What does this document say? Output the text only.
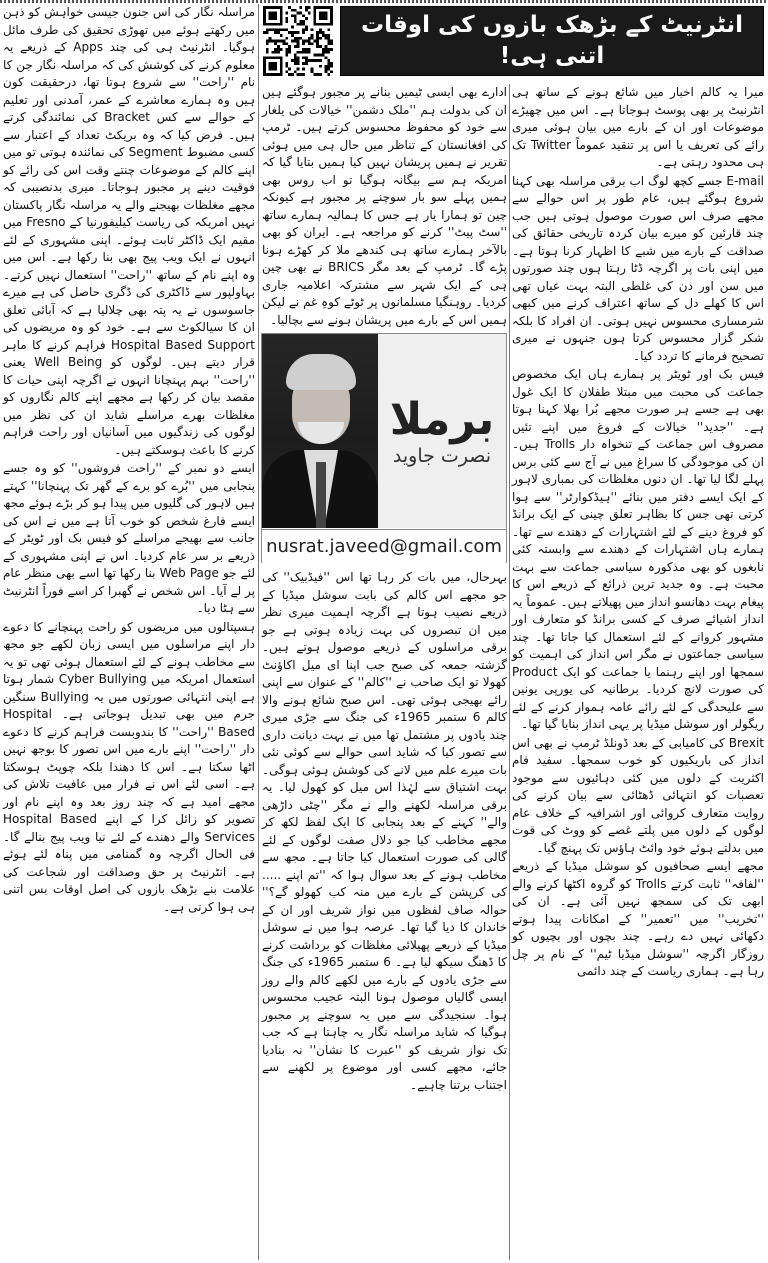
انٹرنیٹ کے بڑھک بازوں کی اوقات اتنی ہی!

میرا یہ کالم اخبار میں شائع ہونے کے ساتھ ہی انٹرنیٹ پر بھی پوسٹ ہوجاتا ہے۔ اس میں چھیڑے موضوعات اور ان کے بارے میں بیان ہوئی میری رائے کی تعریف یا اس پر تنقید عموماً Twitter تک ہی محدود رہتی ہے۔

E-mail جسے کچھ لوگ اب برقی مراسلہ بھی کہنا شروع ہوگئے ہیں، عام طور پر اس حوالے سے مجھے صرف اس صورت موصول ہوتی ہیں جب چند قارئین کو میرے بیان کردہ تاریخی حقائق کی صداقت کے بارے میں شبے کا اظہار کرنا ہوتا ہے۔ میں اپنی بات پر اگرچہ ڈٹا رہتا ہوں چند صورتوں میں سن اور دن کی غلطی البتہ بہت عیاں تھی اس کا کھلے دل کے ساتھ اعتراف کرنے میں کبھی شرمساری محسوس نہیں ہوتی۔ ان افراد کا بلکہ شکر گزار محسوس کرتا ہوں جنہوں نے میری تصحیح فرمانے کا تردد کیا۔

فیس بک اور ٹویٹر پر ہمارے ہاں ایک مخصوص جماعت کی محبت میں مبتلا طفلان کا ایک غول بھی ہے جسے ہر صورت مجھے بُرا بھلا کہنا ہوتا ہے۔ ''جدید'' خیالات کے فروغ میں اپنے تئیں مصروف اس جماعت کے تنخواہ دار Trolls ہیں۔ ان کی موجودگی کا سراغ میں نے آج سے کئی برس پہلے لگا لیا تھا۔ ان دنوں مغلظات کی بمباری لاہور کے ایک ایسے دفتر میں بنائے ''ہیڈکوارٹر'' سے ہوا کرتی تھی جس کا بظاہر تعلق چینی کے ایک برانڈ کو فروغ دینے کے لئے اشتہارات کے دھندے سے تھا۔ ہمارے ہاں اشتہارات کے دھندے سے وابستہ کئی نابغوں کو بھی مذکورہ سیاسی جماعت سے بہت محبت ہے۔ وہ جدید ترین ذرائع کے ذریعے اس کا پیغام بہت دھانسو انداز میں پھیلاتے ہیں۔ عموماً یہ انداز اشیائے صرف کے کسی برانڈ کو متعارف اور مشہور کروانے کے لئے استعمال کیا جاتا تھا۔ چند سیاسی جماعتوں نے مگر اس انداز کی اہمیت کو سمجھا اور اپنے رہنما یا جماعت کو ایک Product کی صورت لانچ کردیا۔ برطانیہ کی یورپی یونین سے علیحدگی کے لئے رائے عامہ ہموار کرنے کے لئے ریگولر اور سوشل میڈیا پر یہی انداز بنایا گیا تھا۔

Brexit کی کامیابی کے بعد ڈونلڈ ٹرمپ نے بھی اس انداز کی باریکیوں کو خوب سمجھا۔ سفید فام اکثریت کے دلوں میں کئی دہائیوں سے موجود تعصبات کو انتہائی ڈھٹائی سے بیان کرنے کی روایت متعارف کروائی اور اشرافیہ کے خلاف عام لوگوں کے دلوں میں پلتے غصے کو ووٹ کی قوت میں بدلتے ہوئے خود وائٹ ہاؤس تک پہنچ گیا۔

مجھے ایسے صحافیوں کو سوشل میڈیا کے ذریعے ''لفافہ'' ثابت کرتے Trolls کو گروہ اکٹھا کرنے والے ابھی تک کی سمجھ نہیں آئی ہے۔ ان کی ''تخریب'' میں ''تعمیر'' کے امکانات پیدا ہوتے دکھائی نہیں دے رہے۔ چند بچوں اور بچیوں کو روزگار اگرچہ ''سوشل میڈیا ٹیم'' کے نام پر چل رہا ہے۔ ہماری ریاست کے چند دائمی

ادارے بھی ایسی ٹیمیں بنانے پر مجبور ہوگئے ہیں ان کی بدولت ہم ''ملک دشمن'' خیالات کی یلغار سے خود کو محفوظ محسوس کرتے ہیں۔ ٹرمپ کی افغانستان کے تناظر میں حال ہی میں ہوئی تقریر نے ہمیں پریشان نہیں کیا ہمیں بتایا گیا کہ امریکہ ہم سے بیگانہ ہوگیا تو اب روس بھی ہمیں پہلے سو بار سوچنے پر مجبور ہے کیونکہ چین تو ہمارا یار ہے جس کا ہمالیہ ہمارے ساتھ ''سٹ پیٹ'' کرنے کو مراجعہ ہے۔ ایران کو بھی بالآخر ہمارے ساتھ ہی کندھے ملا کر کھڑے ہونا پڑے گا۔ ٹرمپ کے بعد مگر BRICS نے بھی چین ہی کے ایک شہر سے مشترکہ اعلامیہ جاری کردیا۔ روہنگیا مسلمانوں پر ٹوٹے کوہِ غم نے لیکن ہمیں اس کے بارے میں پریشان ہونے سے بچالیا۔

برملا
نصرت جاوید
nusrat.javeed@gmail.com

بہرحال، میں بات کر رہا تھا اس ''فیڈبیک'' کی جو مجھے اس کالم کی بابت سوشل میڈیا کے ذریعے نصیب ہوتا ہے اگرچہ اہمیت میری نظر میں ان تبصروں کی بہت زیادہ ہوتی ہے جو برقی مراسلوں کے ذریعے موصول ہوتے ہیں۔ گزشتہ جمعہ کی صبح جب اپنا ای میل اکاؤنٹ کھولا تو ایک صاحب نے ''کالم'' کے عنوان سے اپنی رائے بھیجی ہوئی تھی۔ اس صبح شائع ہونے والا کالم 6 ستمبر 1965ء کی جنگ سے جڑی میری چند یادوں پر مشتمل تھا میں نے بہت دیانت داری سے تصور کیا کہ شاید اسی حوالے سے کوئی نئی بات میرے علم میں لانے کی کوشش ہوئی ہوگی۔ بہت اشتیاق سے لہٰذا اس میل کو کھول لیا۔ یہ برقی مراسلہ لکھنے والے نے مگر ''چٹی داڑھی والے'' کہنے کے بعد پنجابی کا ایک لفظ لکھ کر مجھے مخاطب کیا جو دلال صفت لوگوں کے لئے گالی کی صورت استعمال کیا جاتا ہے۔ مجھ سے مخاطب ہونے کے بعد سوال ہوا کہ ''تم اپنے ..... کی کرپشن کے بارے میں منہ کب کھولو گے؟'' حوالہ صاف لفظوں میں نواز شریف اور ان کے خاندان کا دیا گیا تھا۔ عرصہ ہوا میں نے سوشل میڈیا کے ذریعے پھیلائی مغلظات کو برداشت کرنے کا ڈھنگ سیکھ لیا ہے۔ 6 ستمبر 1965ء کی جنگ سے جڑی یادوں کے بارے میں لکھے کالم والے روز ایسی گالیاں موصول ہونا البتہ عجیب محسوس ہوا۔ سنجیدگی سے میں یہ سوچنے پر مجبور ہوگیا کہ شاید مراسلہ نگار یہ چاہتا ہے کہ جب تک نواز شریف کو ''عبرت کا نشان'' نہ بنادیا جائے، مجھے کسی اور موضوع پر لکھنے سے اجتناب برتنا چاہیے۔

مراسلہ نگار کی اس جنون جیسی خواہش کو ذہن میں رکھتے ہوئے میں تھوڑی تحقیق کی طرف مائل ہوگیا۔ انٹرنیٹ ہی کی چند Apps کے ذریعے یہ معلوم کرنے کی کوشش کی کہ مراسلہ نگار جن کا نام ''راحت'' سے شروع ہوتا تھا، درحقیقت کون ہیں وہ ہمارے معاشرے کے عمر، آمدنی اور تعلیم کے حوالے سے کس Bracket کی نمائندگی کرتے ہیں۔ فرض کیا کہ وہ بریکٹ تعداد کے اعتبار سے کسی مضبوط Segment کی نمائندہ ہوتی تو میں اپنے کالم کے موضوعات چنتے وقت اس کی رائے کو فوقیت دینے پر مجبور ہوجاتا۔ میری بدنصیبی کہ مجھے مغلظات بھیجنے والے یہ مراسلہ نگار پاکستان نہیں امریکہ کی ریاست کیلیفورنیا کے Fresno میں مقیم ایک ڈاکٹر ثابت ہوئے۔ اپنی مشہوری کے لئے انہوں نے ایک ویب پیج بھی بنا رکھا ہے۔ اس میں وہ اپنے نام کے ساتھ ''راحت'' استعمال نہیں کرتے۔ بہاولپور سے ڈاکٹری کی ڈگری حاصل کی ہے میرے جاسوسوں نے یہ پتہ بھی چلالیا ہے کہ آبائی تعلق ان کا سیالکوٹ سے ہے۔ خود کو وہ مریضوں کی Hospital Based Support فراہم کرنے کا ماہر قرار دیتے ہیں۔ لوگوں کو Well Being یعنی ''راحت'' بہم پہنچانا انہوں نے اگرچہ اپنی حیات کا مقصد بیان کر رکھا ہے مجھے اپنے کالم نگاروں کو مغلظات بھرے مراسلے شاید ان کی نظر میں لوگوں کی زندگیوں میں آسانیاں اور راحت فراہم کرنے کا باعث ہوسکتے ہیں۔

ایسے دو نمبر کے ''راحت فروشوں'' کو وہ جسے پنجابی میں ''بُرے کو برے کے گھر تک پہنچانا'' کہتے ہیں لاہور کی گلیوں میں پیدا ہو کر بڑے ہوئے مجھ ایسے فارغ شخص کو خوب آتا ہے میں نے اس کی جانب سے بھیجے مراسلے کو فیس بک اور ٹویٹر کے ذریعے بر سر عام کردیا۔ اس نے اپنی مشہوری کے لئے جو Web Page بنا رکھا تھا اسے بھی منظر عام پر لے آیا۔ اس شخص نے گھبرا کر اسے فوراً انٹرنیٹ سے ہٹا دیا۔

ہسپتالوں میں مریضوں کو راحت پہنچانے کا دعوے دار اپنے مراسلوں میں ایسی زبان لکھے جو مجھ سے مخاطب ہونے کے لئے استعمال ہوئی تھی تو یہ استعمال امریکہ میں Cyber Bullying شمار ہوتا ہے اپنی انتہائی صورتوں میں یہ Bullying سنگین جرم میں بھی تبدیل ہوجاتی ہے۔ Hospital Based ''راحت'' کا بندوبست فراہم کرنے کا دعوے دار ''راحت'' اپنے بارے میں اس تصور کا بوجھ نہیں اٹھا سکتا ہے۔ اس کا دھندا بلکہ چوپٹ ہوسکتا ہے۔ اسی لئے اس نے فرار میں عافیت تلاش کی مجھے امید ہے کہ چند روز بعد وہ اپنے نام اور تصویر کو زائل کرا کے اپنے Hospital Based Services والے دھندے کے لئے نیا ویب پیج بنالے گا۔ فی الحال اگرچہ وہ گمنامی میں پناہ لئے ہوئے ہے۔ انٹرنیٹ پر حق وصداقت اور شجاعت کی علامت بنے بڑھک بازوں کی اصل اوقات بس اتنی ہی ہوا کرتی ہے۔
